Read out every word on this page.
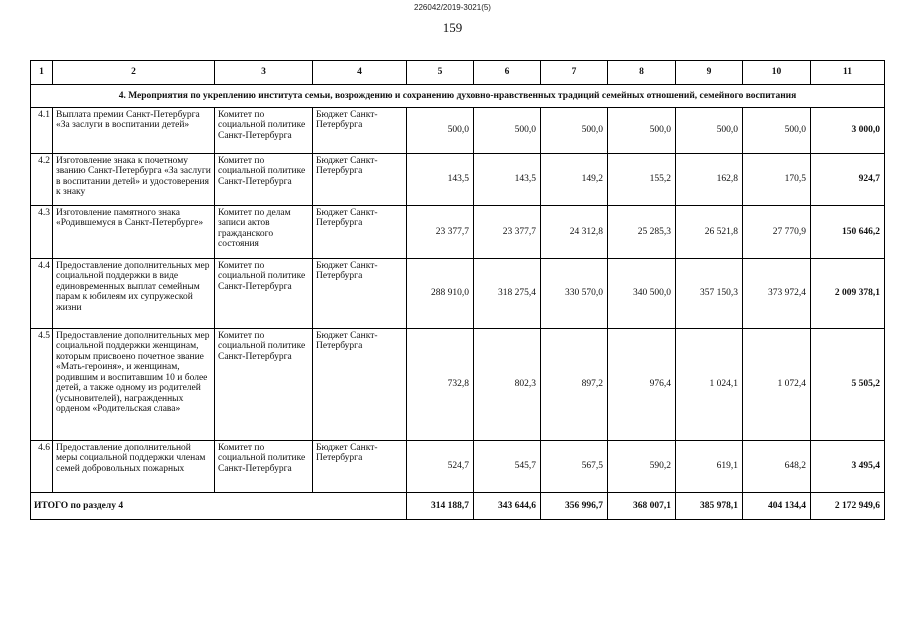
226042/2019-3021(5)
159
1	2	3	4	5	6	7	8	9	10	11
4. Мероприятия по укреплению института семьи, возрождению и сохранению духовно-нравственных традиций семейных отношений, семейного воспитания										
4.1	Выплата премии Санкт-Петербурга «За заслуги в воспитании детей»	Комитет по социальной политике Санкт-Петербурга	Бюджет Санкт-Петербурга	500,0	500,0	500,0	500,0	500,0	500,0	3 000,0
4.2	Изготовление знака к почетному званию Санкт-Петербурга «За заслуги в воспитании детей» и удостоверения к знаку	Комитет по социальной политике Санкт-Петербурга	Бюджет Санкт-Петербурга	143,5	143,5	149,2	155,2	162,8	170,5	924,7
4.3	Изготовление памятного знака «Родившемуся в Санкт-Петербурге»	Комитет по делам записи актов гражданского состояния	Бюджет Санкт-Петербурга	23 377,7	23 377,7	24 312,8	25 285,3	26 521,8	27 770,9	150 646,2
4.4	Предоставление дополнительных мер социальной поддержки в виде единовременных выплат семейным парам к юбилеям их супружеской жизни	Комитет по социальной политике Санкт-Петербурга	Бюджет Санкт-Петербурга	288 910,0	318 275,4	330 570,0	340 500,0	357 150,3	373 972,4	2 009 378,1
4.5	Предоставление дополнительных мер социальной поддержки женщинам, которым присвоено почетное звание «Мать-героиня», и женщинам, родившим и воспитавшим 10 и более детей, а также одному из родителей (усыновителей), награжденных орденом «Родительская слава»	Комитет по социальной политике Санкт-Петербурга	Бюджет Санкт-Петербурга	732,8	802,3	897,2	976,4	1 024,1	1 072,4	5 505,2
4.6	Предоставление дополнительной меры социальной поддержки членам семей добровольных пожарных	Комитет по социальной политике Санкт-Петербурга	Бюджет Санкт-Петербурга	524,7	545,7	567,5	590,2	619,1	648,2	3 495,4
ИТОГО по разделу 4				314 188,7	343 644,6	356 996,7	368 007,1	385 978,1	404 134,4	2 172 949,6
